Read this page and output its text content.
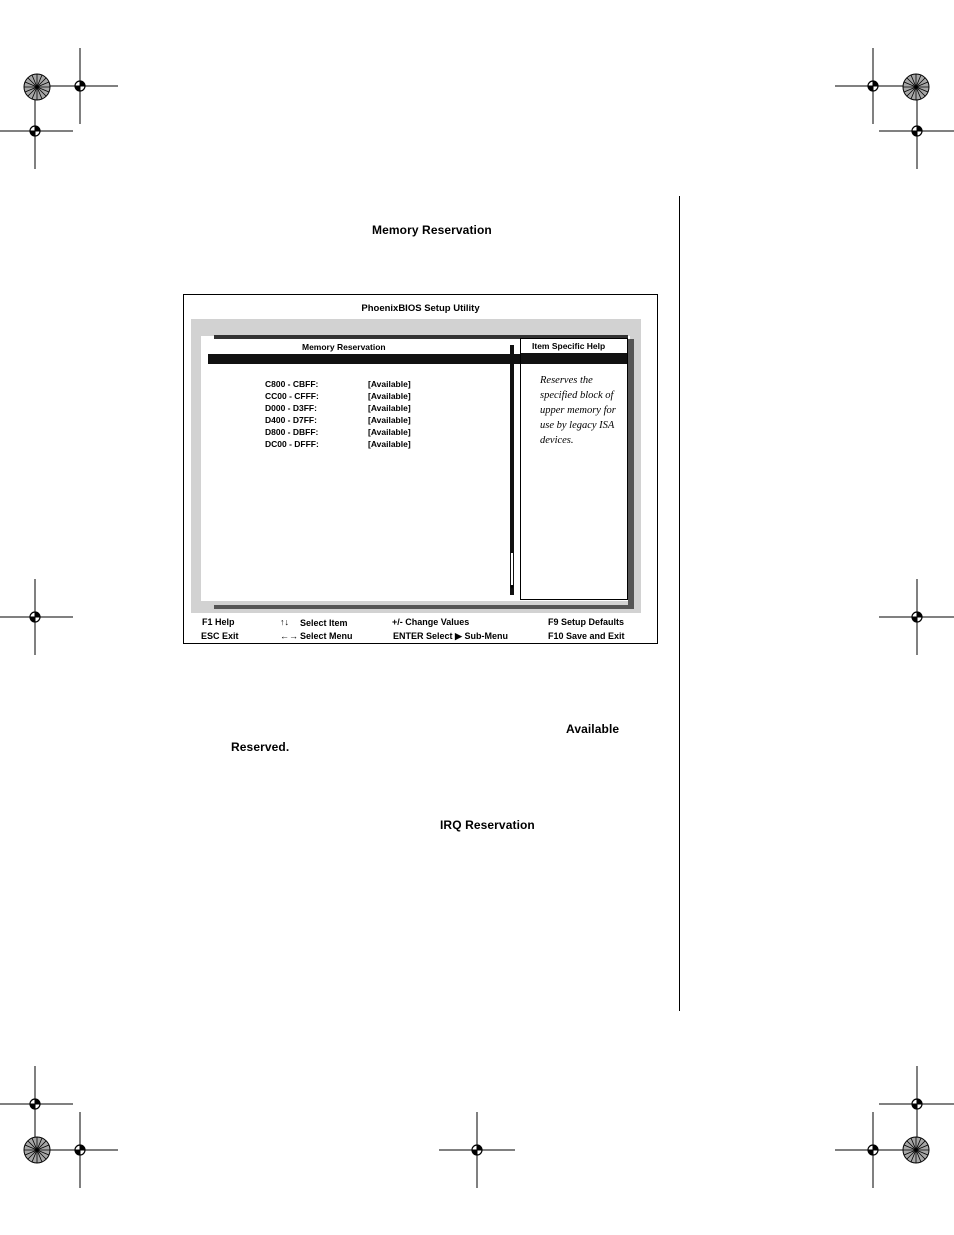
Memory Reservation
PhoenixBIOS Setup Utility
Memory Reservation
Reserves the specified block of upper memory for use by legacy ISA devices.
Item Specific Help
▼
C800 - CBFF:	[Available]
CC00 - CFFF:	[Available]
D000 - D3FF:	[Available]
D400 - D7FF:	[Available]
D800 - DBFF:	[Available]
DC00 - DFFF:	[Available]
F1 Help
ESC Exit
↑↓ Select Item
←→ Select Menu
+/- Change Values
ENTER Select ▶ Sub-Menu
F9 Setup Defaults
F10 Save and Exit
Available
Reserved.
IRQ Reservation
